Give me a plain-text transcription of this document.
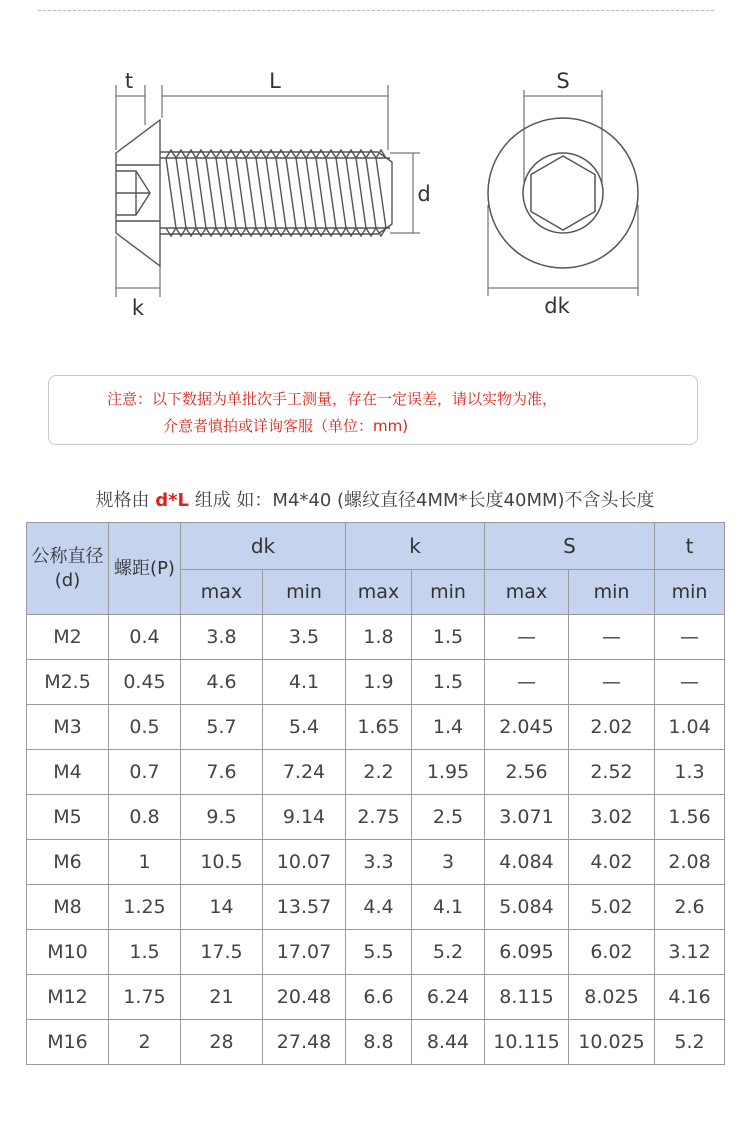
t	L
d
k
S
dk
注意：以下数据为单批次手工测量，存在一定误差，请以实物为准，
介意者慎拍或详询客服（单位：mm)
规格由 d*L 组成 如：M4*40 (螺纹直径4MM*长度40MM)不含头长度
公称直径(d)	螺距(P)	dk		k		S		t
		max	min	max	min	max	min	min
M2	0.4	3.8	3.5	1.8	1.5	—	—	—
M2.5	0.45	4.6	4.1	1.9	1.5	—	—	—
M3	0.5	5.7	5.4	1.65	1.4	2.045	2.02	1.04
M4	0.7	7.6	7.24	2.2	1.95	2.56	2.52	1.3
M5	0.8	9.5	9.14	2.75	2.5	3.071	3.02	1.56
M6	1	10.5	10.07	3.3	3	4.084	4.02	2.08
M8	1.25	14	13.57	4.4	4.1	5.084	5.02	2.6
M10	1.5	17.5	17.07	5.5	5.2	6.095	6.02	3.12
M12	1.75	21	20.48	6.6	6.24	8.115	8.025	4.16
M16	2	28	27.48	8.8	8.44	10.115	10.025	5.2
